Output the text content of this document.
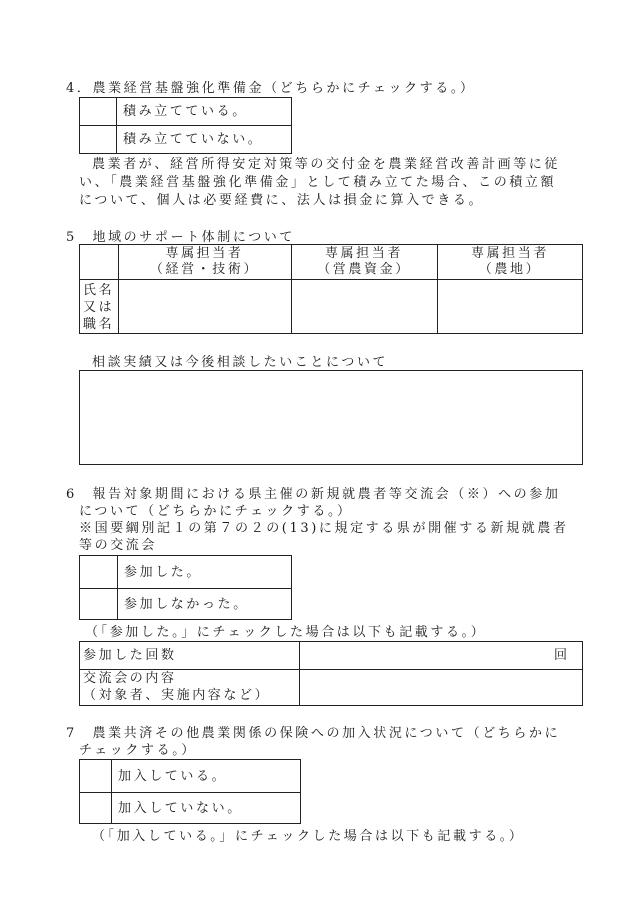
4．農業経営基盤強化準備金（どちらかにチェックする。）
積み立てている。
積み立てていない。
農業者が、経営所得安定対策等の交付金を農業経営改善計画等に従
い、「農業経営基盤強化準備金」として積み立てた場合、この積立額
について、個人は必要経費に、法人は損金に算入できる。
5　地域のサポート体制について
専属担当者
（経営・技術）
専属担当者
（営農資金）
専属担当者
（農地）
氏名
又は
職名
相談実績又は今後相談したいことについて
6　報告対象期間における県主催の新規就農者等交流会（※）への参加
について（どちらかにチェックする。）
※国要綱別記１の第７の２の(13)に規定する県が開催する新規就農者
等の交流会
参加した。
参加しなかった。
（「参加した。」にチェックした場合は以下も記載する。）
参加した回数	回
交流会の内容
（対象者、実施内容など）
7　農業共済その他農業関係の保険への加入状況について（どちらかに
チェックする。）
加入している。
加入していない。
（「加入している。」にチェックした場合は以下も記載する。）
